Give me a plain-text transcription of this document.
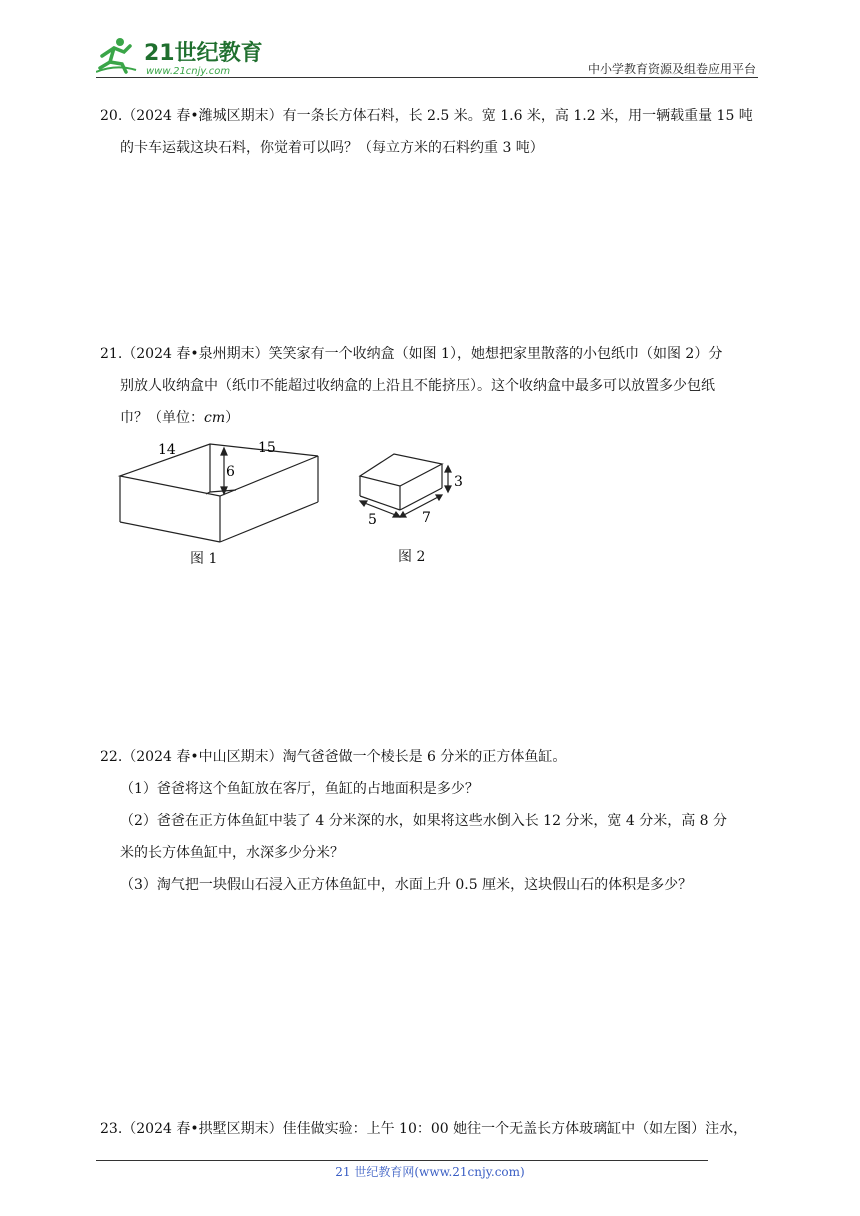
21世纪教育
www.21cnjy.com	中小学教育资源及组卷应用平台

20.（2024 春•潍城区期末）有一条长方体石料，长 2.5 米。宽 1.6 米，高 1.2 米，用一辆载重量 15 吨

的卡车运载这块石料，你觉着可以吗？（每立方米的石料约重 3 吨）

21.（2024 春•泉州期末）笑笑家有一个收纳盒（如图 1），她想把家里散落的小包纸巾（如图 2）分

别放人收纳盒中（纸巾不能超过收纳盒的上沿且不能挤压）。这个收纳盒中最多可以放置多少包纸

巾？（单位：cm）

14	15
6
图 1
3
5	7
图 2

22.（2024 春•中山区期末）淘气爸爸做一个棱长是 6 分米的正方体鱼缸。

（1）爸爸将这个鱼缸放在客厅，鱼缸的占地面积是多少？

（2）爸爸在正方体鱼缸中装了 4 分米深的水，如果将这些水倒入长 12 分米，宽 4 分米，高 8 分

米的长方体鱼缸中，水深多少分米？

（3）淘气把一块假山石浸入正方体鱼缸中，水面上升 0.5 厘米，这块假山石的体积是多少？

23.（2024 春•拱墅区期末）佳佳做实验：上午 10：00 她往一个无盖长方体玻璃缸中（如左图）注水，

21 世纪教育网(www.21cnjy.com)
